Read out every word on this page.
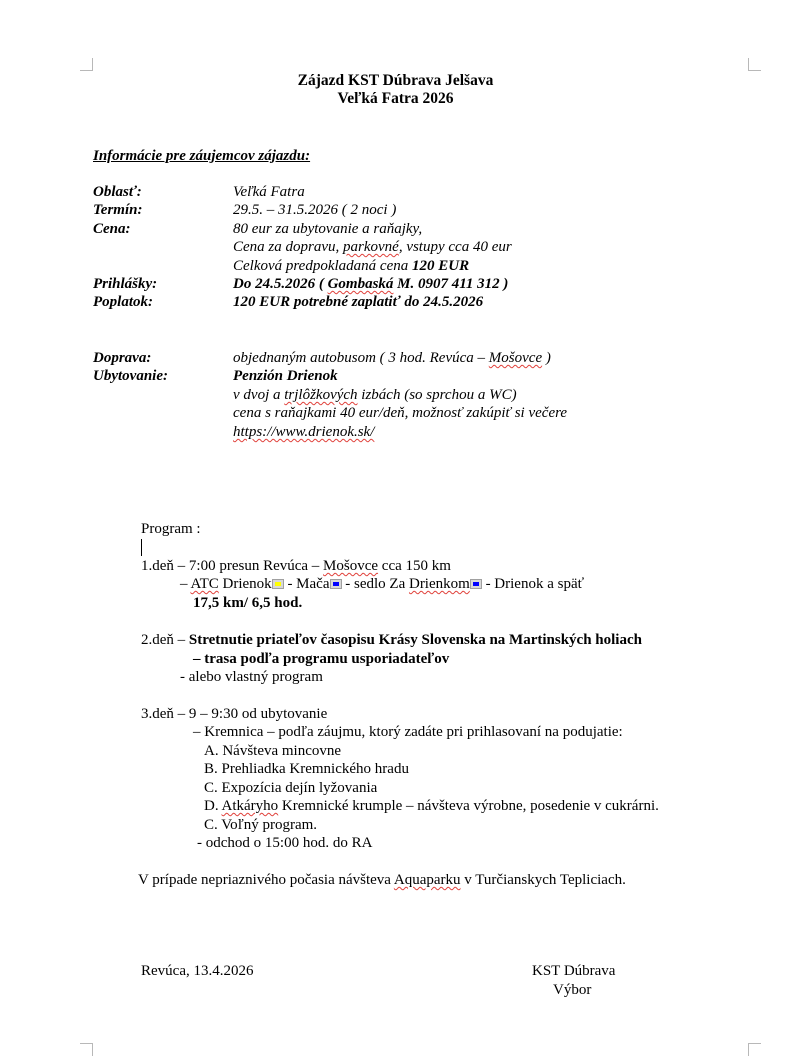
Zájazd KST Dúbrava Jelšava
Veľká Fatra 2026
Informácie pre záujemcov zájazdu:
Oblasť:	Veľká Fatra
Termín:	29.5. – 31.5.2026 ( 2 noci )
Cena:	80 eur za ubytovanie a raňajky,
Cena za dopravu, parkovné, vstupy cca 40 eur
Celková predpokladaná cena 120 EUR
Prihlášky:	Do 24.5.2026 ( Gombaská M. 0907 411 312 )
Poplatok:	120 EUR potrebné zaplatiť do 24.5.2026
Doprava:	objednaným autobusom ( 3 hod. Revúca – Mošovce )
Ubytovanie:	Penzión Drienok
v dvoj a trjlôžkových izbách (so sprchou a WC)
cena s raňajkami 40 eur/deň, možnosť zakúpiť si večere
https://www.drienok.sk/
Program :
1.deň – 7:00 presun Revúca – Mošovce cca 150 km
– ATC Drienok - Mača - sedlo Za Drienkom - Drienok a späť
17,5 km/ 6,5 hod.
2.deň – Stretnutie priateľov časopisu Krásy Slovenska na Martinských holiach
– trasa podľa programu usporiadateľov
- alebo vlastný program
3.deň – 9 – 9:30 od ubytovanie
– Kremnica – podľa záujmu, ktorý zadáte pri prihlasovaní na podujatie:
A. Návšteva mincovne
B. Prehliadka Kremnického hradu
C. Expozícia dejín lyžovania
D. Atkáryho Kremnické krumple – návšteva výrobne, posedenie v cukrárni.
C. Voľný program.
- odchod o 15:00 hod. do RA
V prípade nepriaznivého počasia návšteva Aquaparku v Turčianskych Tepliciach.
Revúca, 13.4.2026	KST Dúbrava
Výbor
